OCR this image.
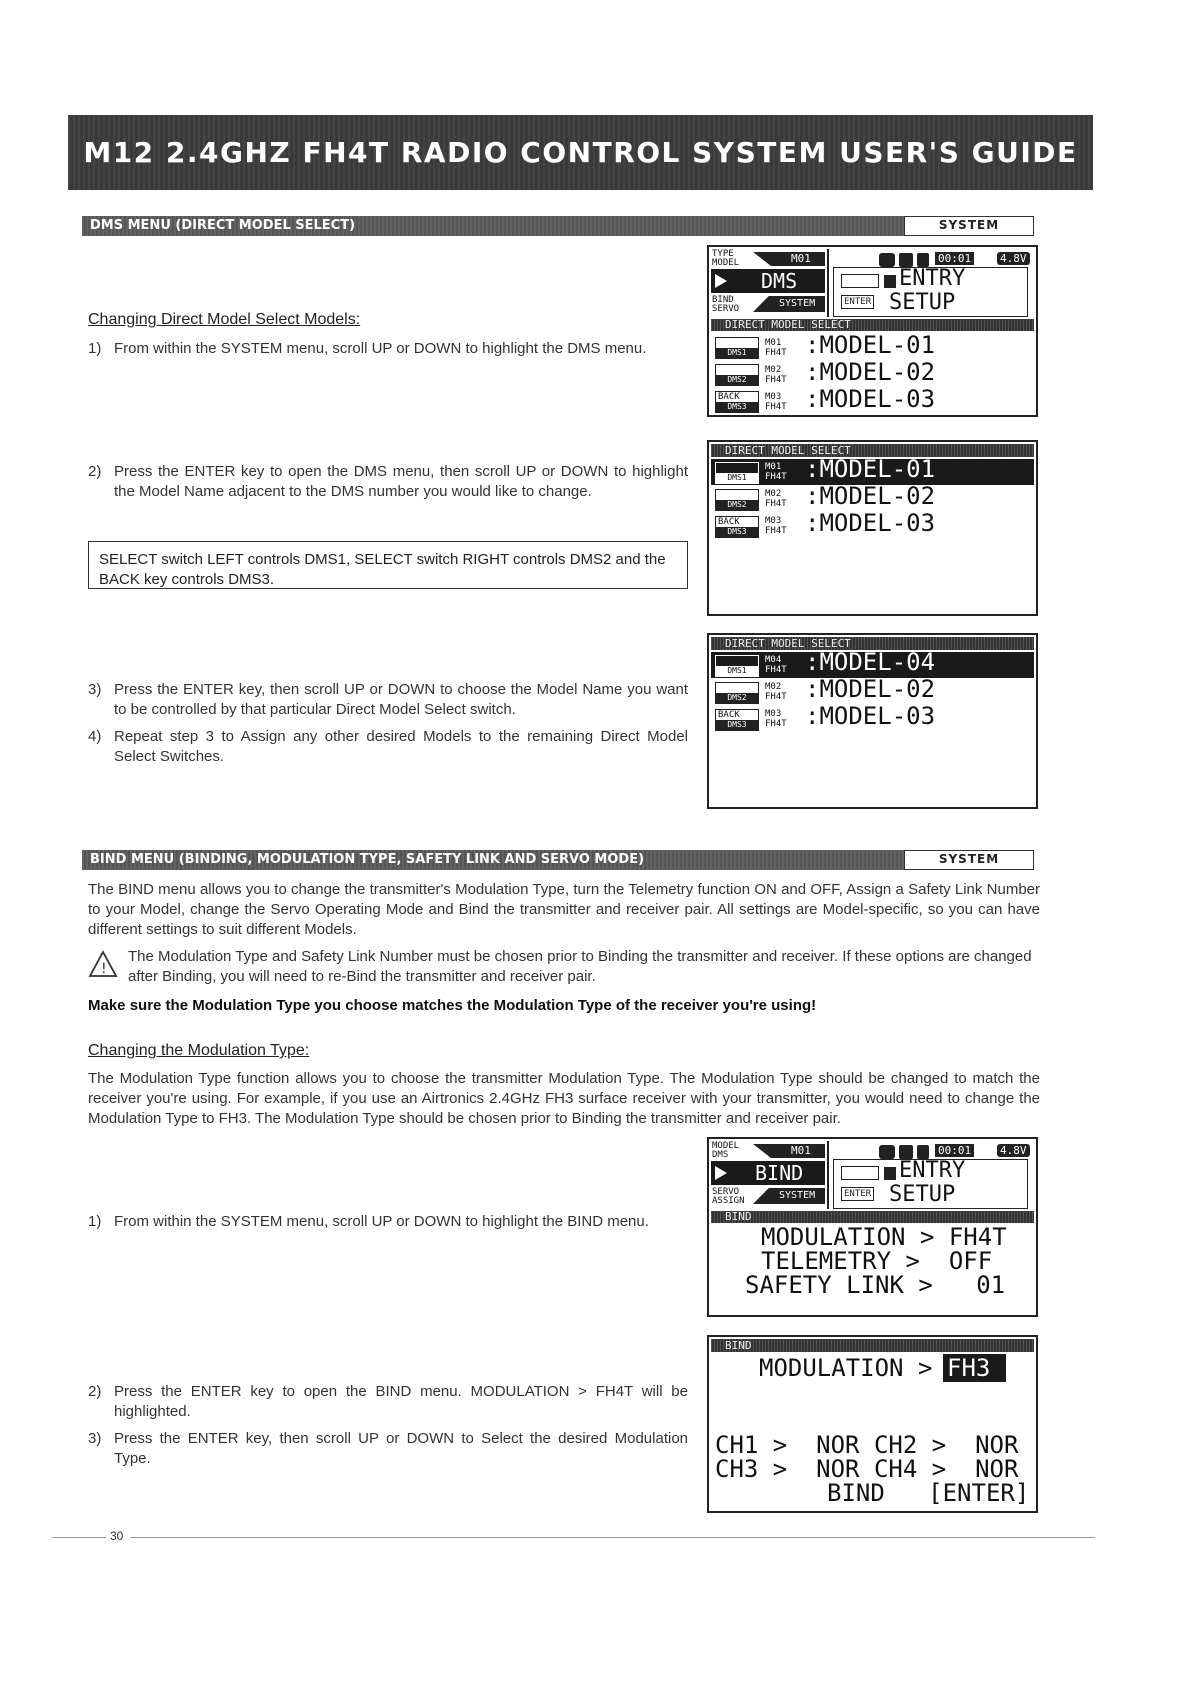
M12 2.4GHZ FH4T RADIO CONTROL SYSTEM USER'S GUIDE
DMS MENU (DIRECT MODEL SELECT)	SYSTEM
Changing Direct Model Select Models:
1) From within the SYSTEM menu, scroll UP or DOWN to highlight the DMS menu.
2) Press the ENTER key to open the DMS menu, then scroll UP or DOWN to highlight the Model Name adjacent to the DMS number you would like to change.
SELECT switch LEFT controls DMS1, SELECT switch RIGHT controls DMS2 and the BACK key controls DMS3.
3) Press the ENTER key, then scroll UP or DOWN to choose the Model Name you want to be controlled by that particular Direct Model Select switch.
4) Repeat step 3 to Assign any other desired Models to the remaining Direct Model Select Switches.
TYPE MODEL	M01	00:01	4.8V
DMS
BIND SERVO	SYSTEM
ENTRY
ENTER SETUP
DIRECT MODEL SELECT
DMS1
M01
FH4T :MODEL-01
DMS2
M02
FH4T :MODEL-02
BACK
DMS3
M03
FH4T :MODEL-03
DIRECT MODEL SELECT
DMS1
M01
FH4T :MODEL-01
DMS2
M02
FH4T :MODEL-02
BACK
DMS3
M03
FH4T :MODEL-03
DIRECT MODEL SELECT
DMS1
M04
FH4T :MODEL-04
DMS2
M02
FH4T :MODEL-02
BACK
DMS3
M03
FH4T :MODEL-03
BIND MENU (BINDING, MODULATION TYPE, SAFETY LINK AND SERVO MODE)	SYSTEM
The BIND menu allows you to change the transmitter's Modulation Type, turn the Telemetry function ON and OFF, Assign a Safety Link Number to your Model, change the Servo Operating Mode and Bind the transmitter and receiver pair. All settings are Model-specific, so you can have different settings to suit different Models.
!
The Modulation Type and Safety Link Number must be chosen prior to Binding the transmitter and receiver. If these options are changed after Binding, you will need to re-Bind the transmitter and receiver pair.
Make sure the Modulation Type you choose matches the Modulation Type of the receiver you're using!
Changing the Modulation Type:
The Modulation Type function allows you to choose the transmitter Modulation Type. The Modulation Type should be changed to match the receiver you're using. For example, if you use an Airtronics 2.4GHz FH3 surface receiver with your transmitter, you would need to change the Modulation Type to FH3. The Modulation Type should be chosen prior to Binding the transmitter and receiver pair.
1) From within the SYSTEM menu, scroll UP or DOWN to highlight the BIND menu.
2) Press the ENTER key to open the BIND menu. MODULATION > FH4T will be highlighted.
3) Press the ENTER key, then scroll UP or DOWN to Select the desired Modulation Type.
MODEL DMS	M01	00:01	4.8V
BIND
SERVO ASSIGN	SYSTEM
ENTRY
ENTER SETUP
BIND
MODULATION > FH4T
TELEMETRY >  OFF
SAFETY LINK >   01
BIND
MODULATION > FH3
CH1 >  NOR CH2 >  NOR
CH3 >  NOR CH4 >  NOR
BIND   [ENTER]
30
